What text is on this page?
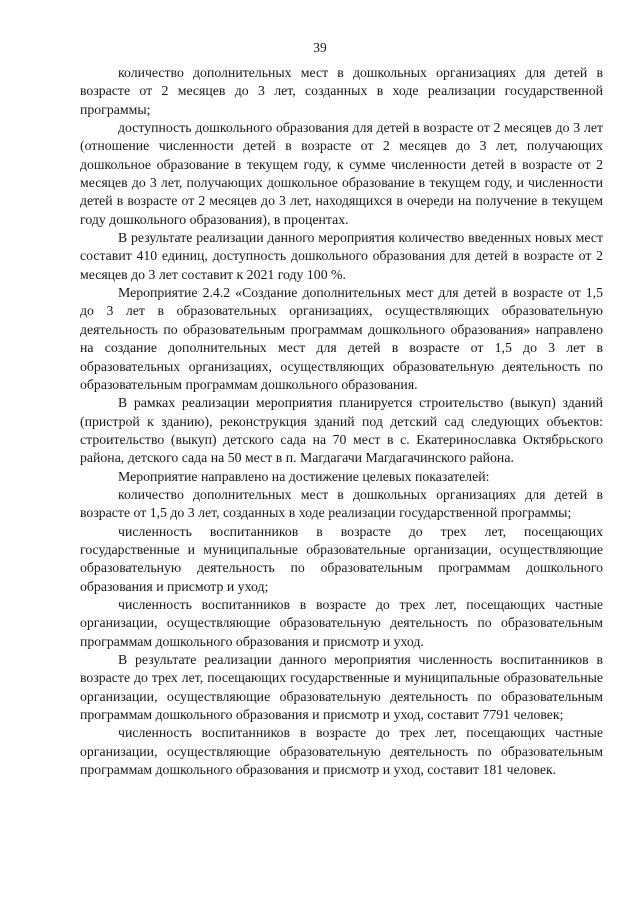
39

количество дополнительных мест в дошкольных организациях для детей в возрасте от 2 месяцев до 3 лет, созданных в ходе реализации государственной программы;

доступность дошкольного образования для детей в возрасте от 2 месяцев до 3 лет (отношение численности детей в возрасте от 2 месяцев до 3 лет, получающих дошкольное образование в текущем году, к сумме численности детей в возрасте от 2 месяцев до 3 лет, получающих дошкольное образование в текущем году, и численности детей в возрасте от 2 месяцев до 3 лет, находящихся в очереди на получение в текущем году дошкольного образования), в процентах.

В результате реализации данного мероприятия количество введенных новых мест составит 410 единиц, доступность дошкольного образования для детей в возрасте от 2 месяцев до 3 лет составит к 2021 году 100 %.

Мероприятие 2.4.2 «Создание дополнительных мест для детей в возрасте от 1,5 до 3 лет в образовательных организациях, осуществляющих образовательную деятельность по образовательным программам дошкольного образования» направлено на создание дополнительных мест для детей в возрасте от 1,5 до 3 лет в образовательных организациях, осуществляющих образовательную деятельность по образовательным программам дошкольного образования.

В рамках реализации мероприятия планируется строительство (выкуп) зданий (пристрой к зданию), реконструкция зданий под детский сад следующих объектов: строительство (выкуп) детского сада на 70 мест в с. Екатеринославка Октябрьского района, детского сада на 50 мест в п. Магдагачи Магдагачинского района.

Мероприятие направлено на достижение целевых показателей:

количество дополнительных мест в дошкольных организациях для детей в возрасте от 1,5 до 3 лет, созданных в ходе реализации государственной программы;

численность воспитанников в возрасте до трех лет, посещающих государственные и муниципальные образовательные организации, осуществляющие образовательную деятельность по образовательным программам дошкольного образования и присмотр и уход;

численность воспитанников в возрасте до трех лет, посещающих частные организации, осуществляющие образовательную деятельность по образовательным программам дошкольного образования и присмотр и уход.

В результате реализации данного мероприятия численность воспитанников в возрасте до трех лет, посещающих государственные и муниципальные образовательные организации, осуществляющие образовательную деятельность по образовательным программам дошкольного образования и присмотр и уход, составит 7791 человек;

численность воспитанников в возрасте до трех лет, посещающих частные организации, осуществляющие образовательную деятельность по образовательным программам дошкольного образования и присмотр и уход, составит 181 человек.
